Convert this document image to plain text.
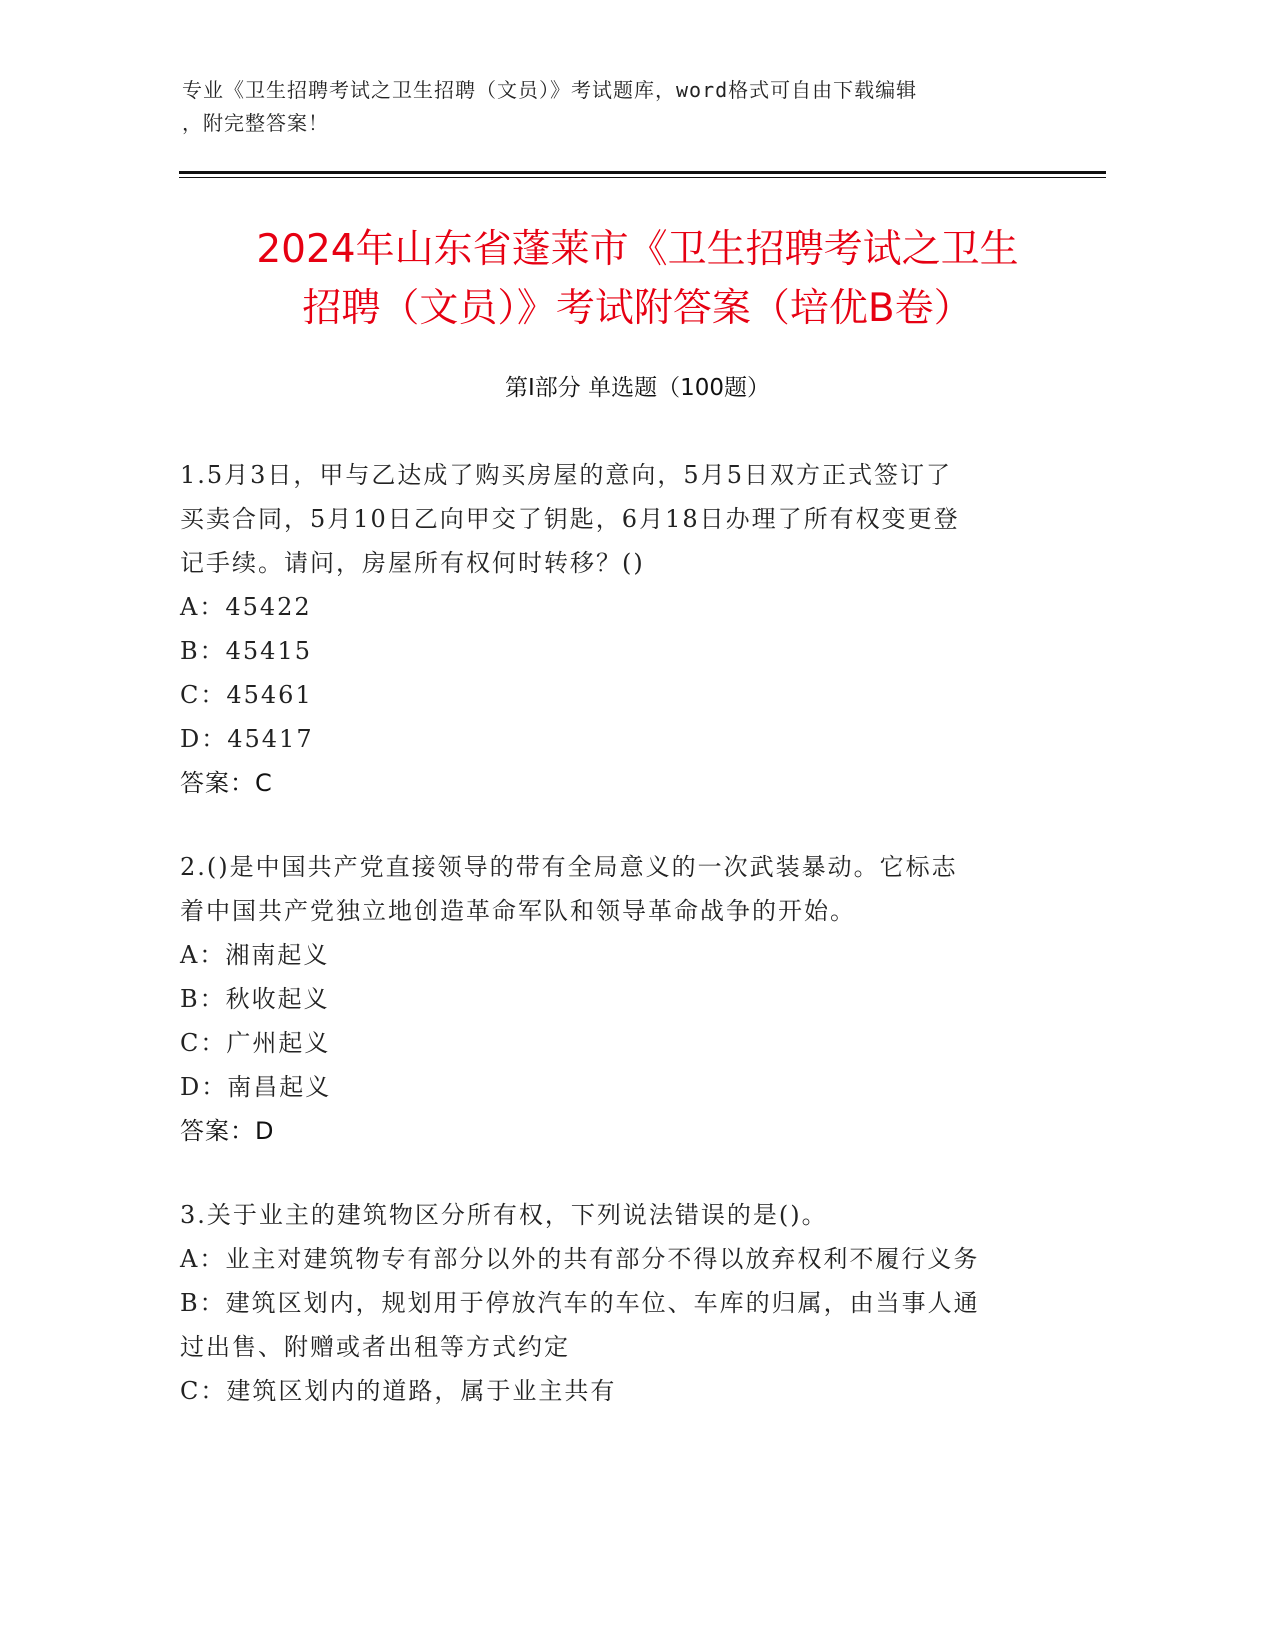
专业《卫生招聘考试之卫生招聘（文员）》考试题库，word格式可自由下载编辑
，附完整答案！
2024年山东省蓬莱市《卫生招聘考试之卫生
招聘（文员）》考试附答案（培优B卷）
第Ⅰ部分 单选题（100题）
1.5月3日，甲与乙达成了购买房屋的意向，5月5日双方正式签订了
买卖合同，5月10日乙向甲交了钥匙，6月18日办理了所有权变更登
记手续。请问，房屋所有权何时转移？()
A：45422
B：45415
C：45461
D：45417
答案：C
2.()是中国共产党直接领导的带有全局意义的一次武装暴动。它标志
着中国共产党独立地创造革命军队和领导革命战争的开始。
A：湘南起义
B：秋收起义
C：广州起义
D：南昌起义
答案：D
3.关于业主的建筑物区分所有权，下列说法错误的是()。
A：业主对建筑物专有部分以外的共有部分不得以放弃权利不履行义务
B：建筑区划内，规划用于停放汽车的车位、车库的归属，由当事人通
过出售、附赠或者出租等方式约定
C：建筑区划内的道路，属于业主共有
